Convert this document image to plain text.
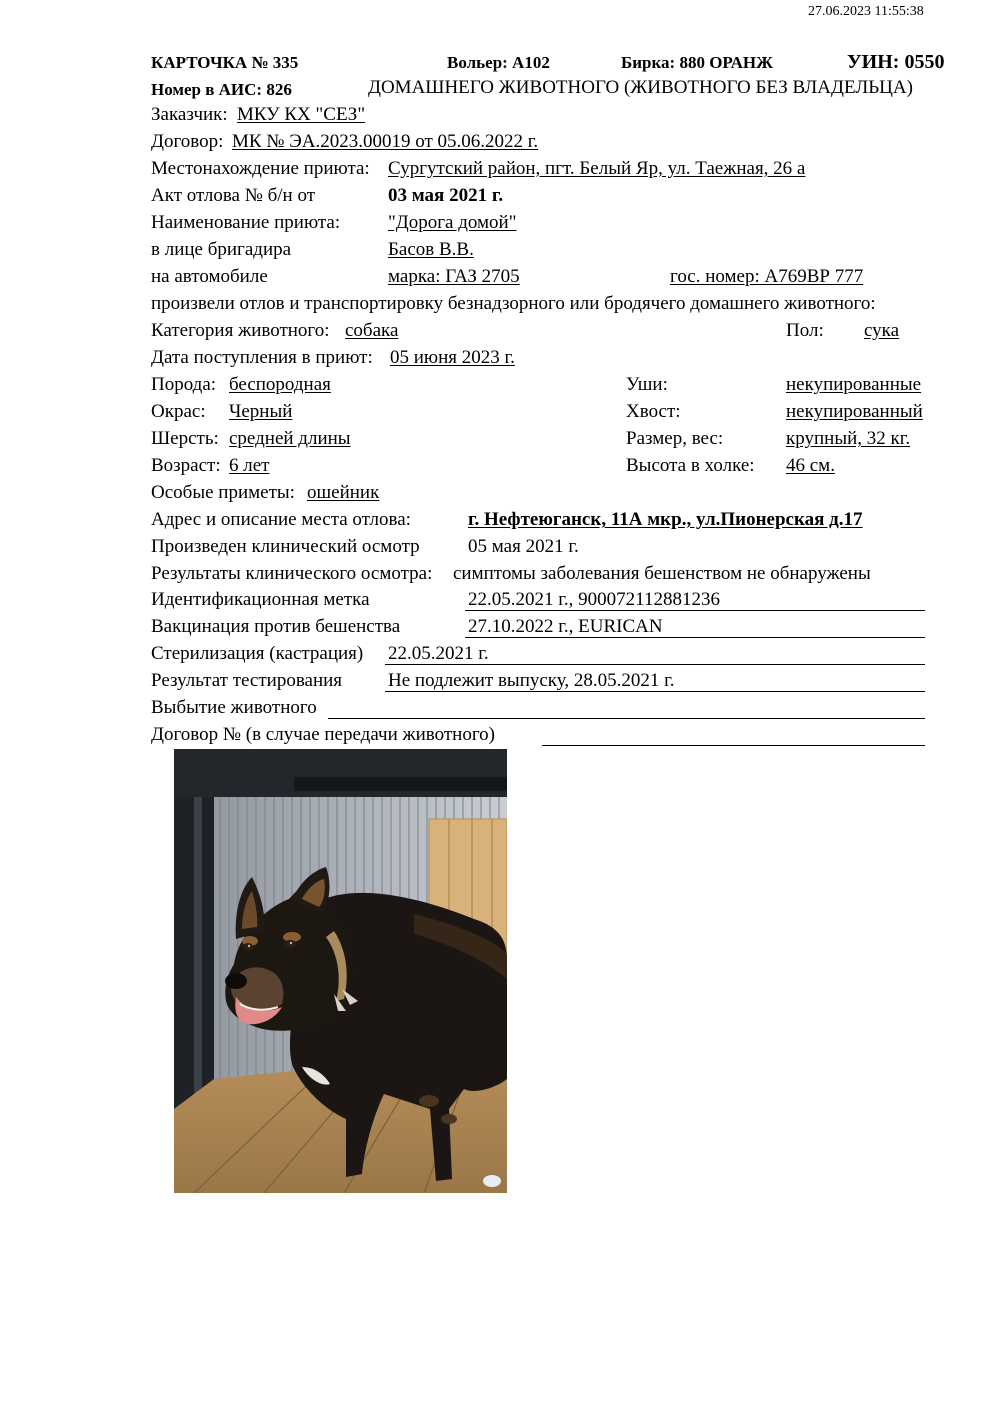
27.06.2023 11:55:38
КАРТОЧКА № 335	Вольер: А102	Бирка: 880 ОРАНЖ	УИН: 0550
Номер в АИС: 826	ДОМАШНЕГО ЖИВОТНОГО (ЖИВОТНОГО БЕЗ ВЛАДЕЛЬЦА)
Заказчик: МКУ КХ "СЕЗ"
Договор: МК № ЭА.2023.00019 от 05.06.2022 г.
Местонахождение приюта: Сургутский район, пгт. Белый Яр, ул. Таежная, 26 а
Акт отлова № б/н от	03 мая 2021 г.
Наименование приюта:	"Дорога домой"
в лице бригадира	Басов В.В.
на автомобиле	марка: ГАЗ 2705	гос. номер: А769ВР 777
произвели отлов и транспортировку безнадзорного или бродячего домашнего животного:
Категория животного: собака	Пол: сука
Дата поступления в приют: 05 июня 2023 г.
Порода: беспородная	Уши:	некупированные
Окрас: Черный	Хвост:	некупированный
Шерсть: средней длины	Размер, вес:	крупный, 32 кг.
Возраст: 6 лет	Высота в холке: 46 см.
Особые приметы: ошейник
Адрес и описание места отлова:	г. Нефтеюганск, 11А мкр., ул.Пионерская д.17
Произведен клинический осмотр	05 мая 2021 г.
Результаты клинического осмотра: симптомы заболевания бешенством не обнаружены
Идентификационная метка	22.05.2021 г., 900072112881236
Вакцинация против бешенства	27.10.2022 г., EURICAN
Стерилизация (кастрация) 22.05.2021 г.
Результат тестирования Не подлежит выпуску, 28.05.2021 г.
Выбытие животного
Договор № (в случае передачи животного)
